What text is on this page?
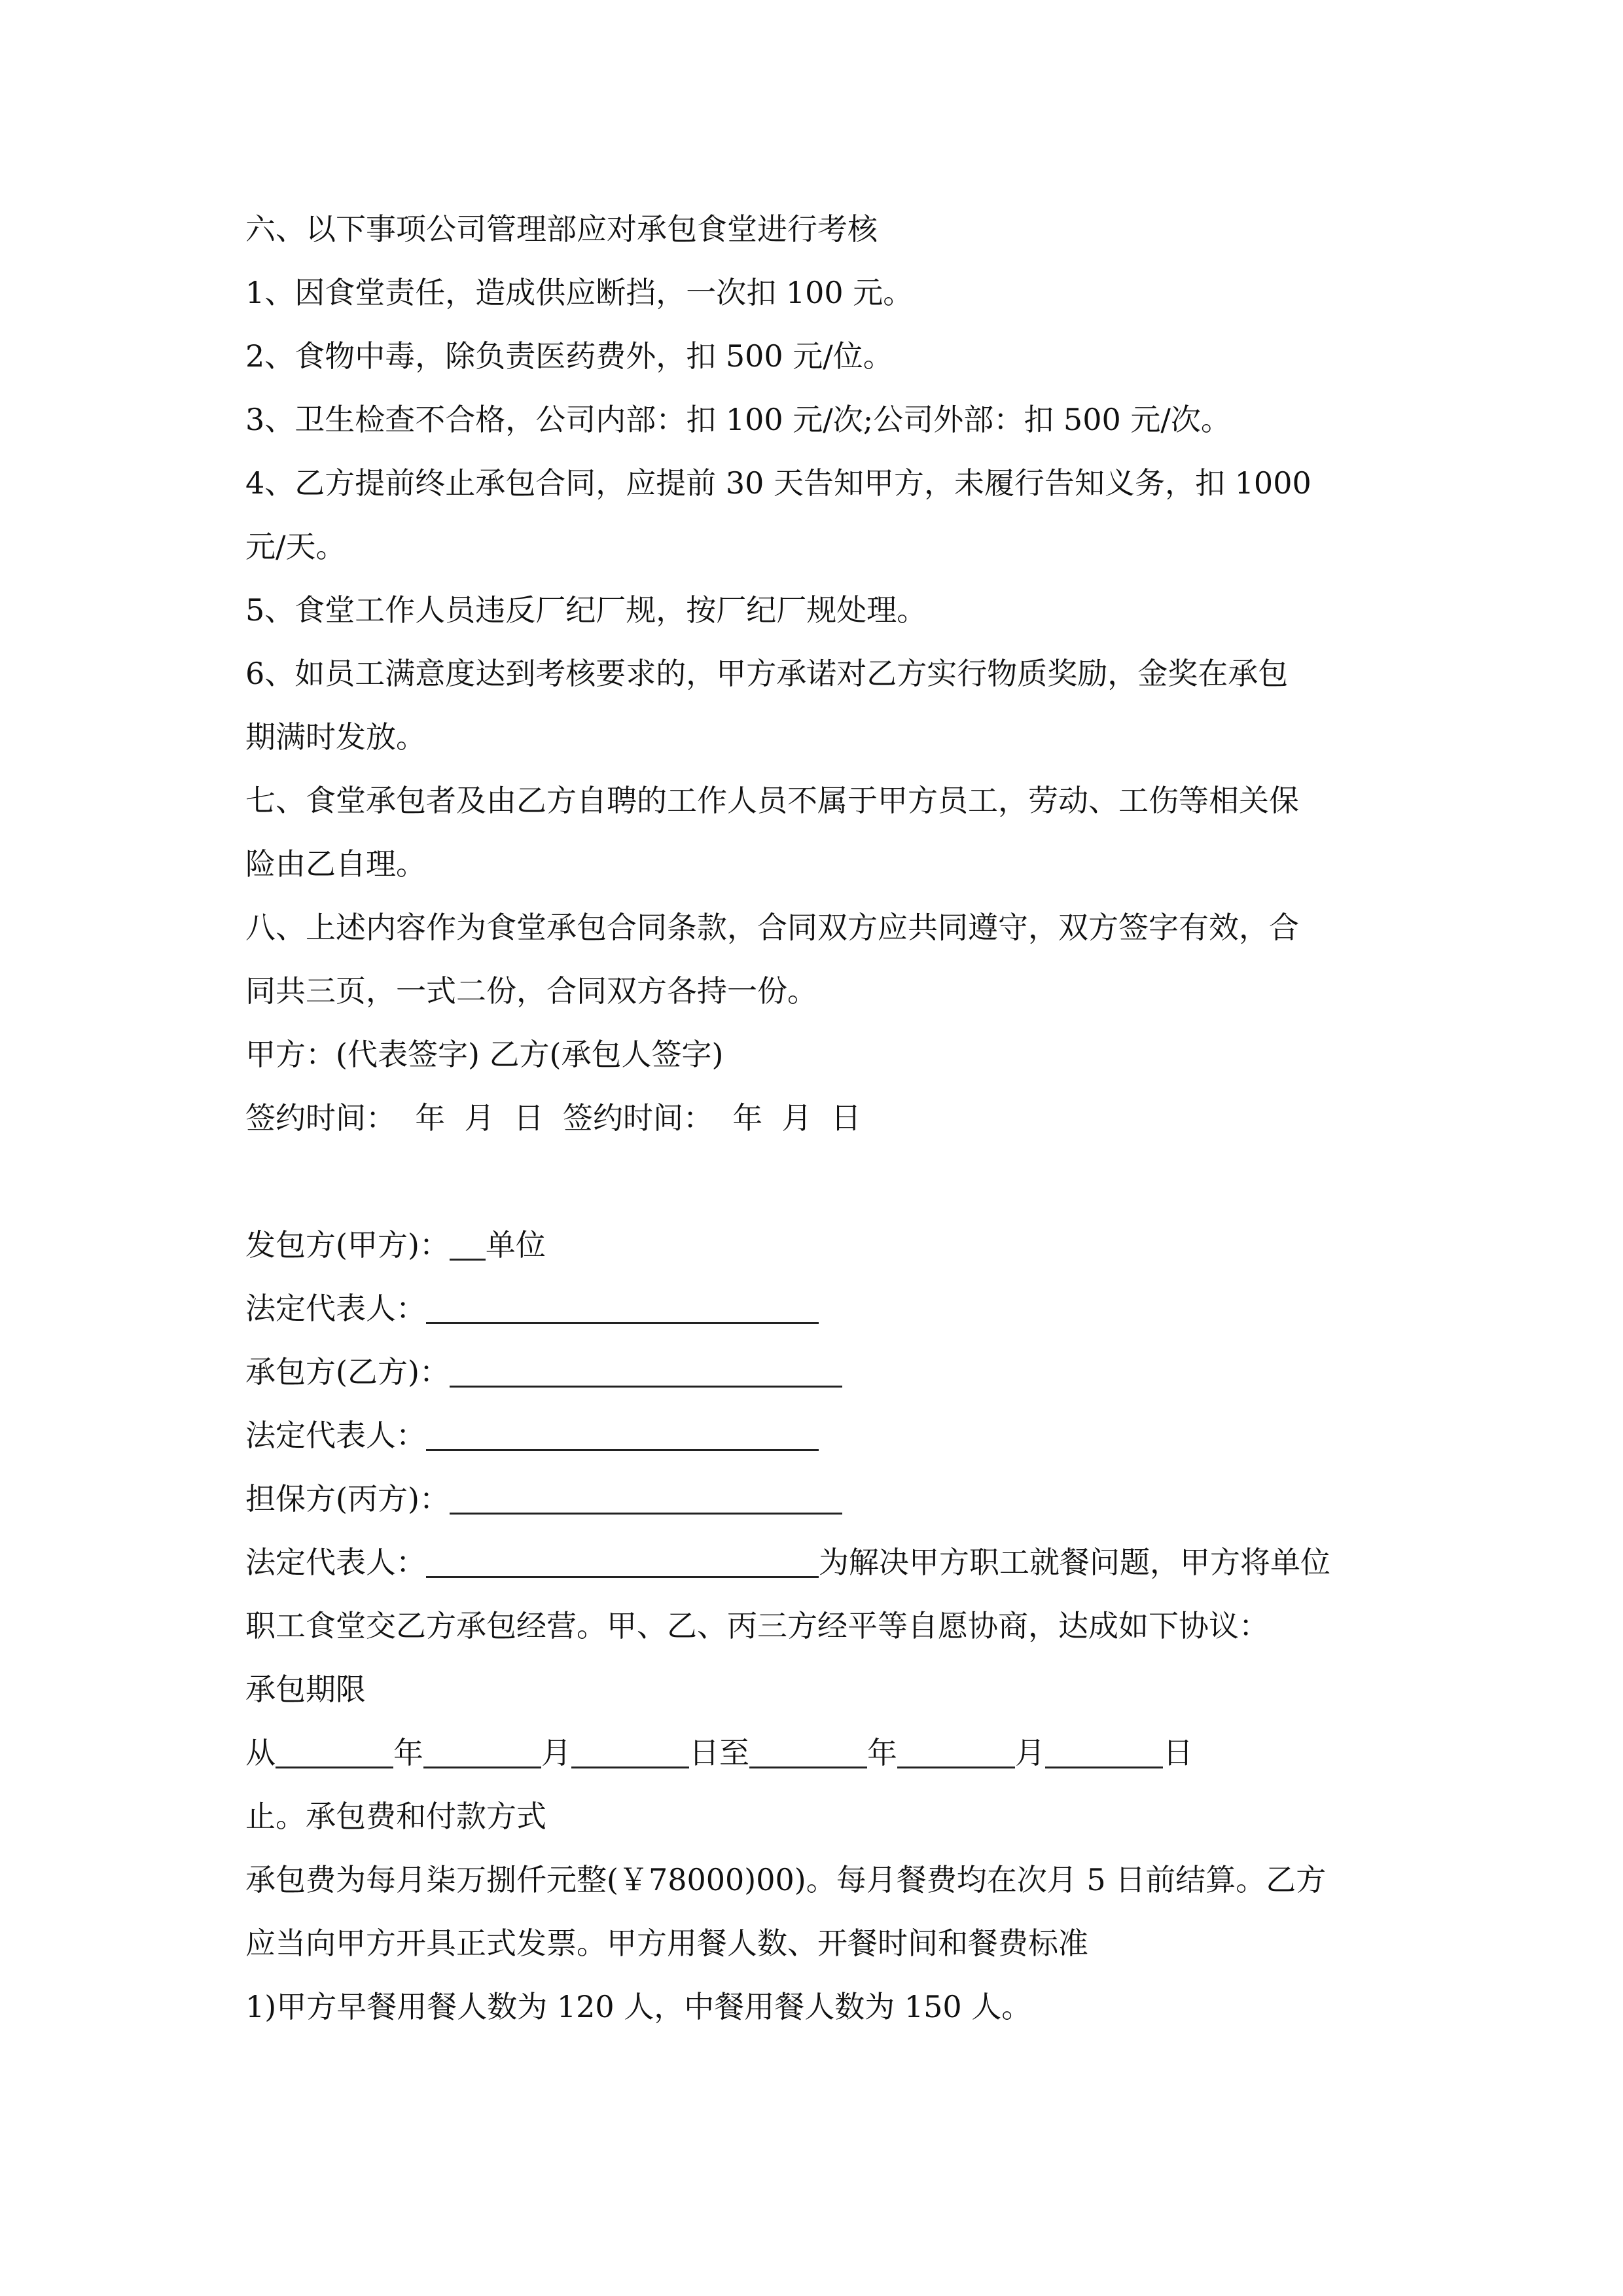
六、以下事项公司管理部应对承包食堂进行考核
1、因食堂责任，造成供应断挡，一次扣 100 元。
2、食物中毒，除负责医药费外，扣 500 元/位。
3、卫生检查不合格，公司内部：扣 100 元/次;公司外部：扣 500 元/次。
4、乙方提前终止承包合同，应提前 30 天告知甲方，未履行告知义务，扣 1000
元/天。
5、食堂工作人员违反厂纪厂规，按厂纪厂规处理。
6、如员工满意度达到考核要求的，甲方承诺对乙方实行物质奖励，金奖在承包
期满时发放。
七、食堂承包者及由乙方自聘的工作人员不属于甲方员工，劳动、工伤等相关保
险由乙自理。
八、上述内容作为食堂承包合同条款，合同双方应共同遵守，双方签字有效，合
同共三页，一式二份，合同双方各持一份。
甲方：(代表签字) 乙方(承包人签字)
签约时间：  年  月  日  签约时间：  年  月  日
发包方(甲方)： 单位
法定代表人：
承包方(乙方)：
法定代表人：
担保方(丙方)：
法定代表人：	为解决甲方职工就餐问题，甲方将单位
职工食堂交乙方承包经营。甲、乙、丙三方经平等自愿协商，达成如下协议：
承包期限
从	年	月	日至	年	月	日
止。承包费和付款方式
承包费为每月柒万捌仟元整(￥78000)00)。每月餐费均在次月 5 日前结算。乙方
应当向甲方开具正式发票。甲方用餐人数、开餐时间和餐费标准
1)甲方早餐用餐人数为 120 人，中餐用餐人数为 150 人。
